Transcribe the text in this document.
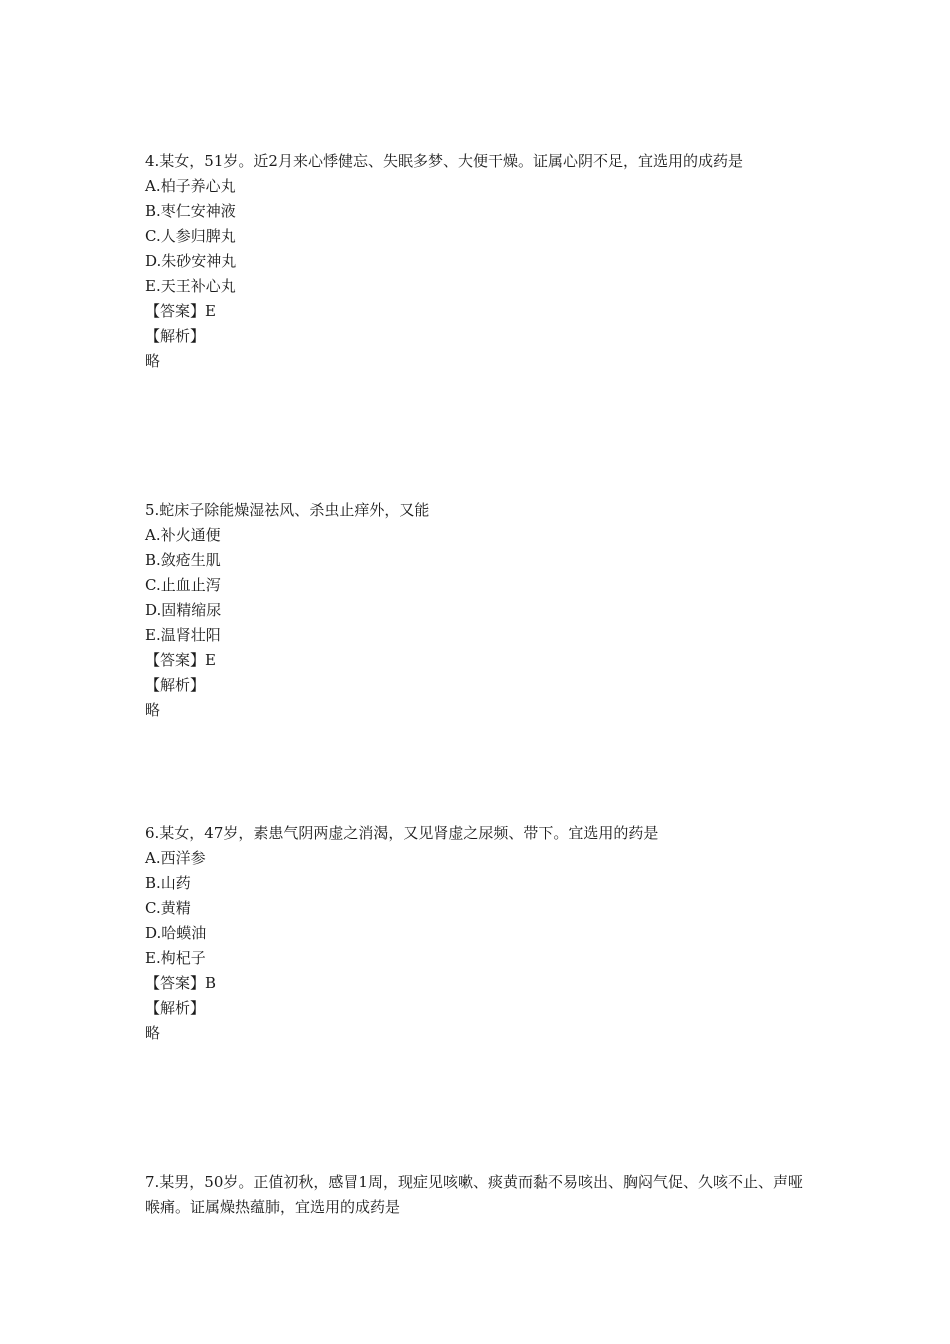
4.某女，51岁。近2月来心悸健忘、失眠多梦、大便干燥。证属心阴不足，宜选用的成药是

A.柏子养心丸

B.枣仁安神液

C.人参归脾丸

D.朱砂安神丸

E.天王补心丸

【答案】E

【解析】

略

5.蛇床子除能燥湿祛风、杀虫止痒外，又能

A.补火通便

B.敛疮生肌

C.止血止泻

D.固精缩尿

E.温肾壮阳

【答案】E

【解析】

略

6.某女，47岁，素患气阴两虚之消渴，又见肾虚之尿频、带下。宜选用的药是

A.西洋参

B.山药

C.黄精

D.哈蟆油

E.枸杞子

【答案】B

【解析】

略

7.某男，50岁。正值初秋，感冒1周，现症见咳嗽、痰黄而黏不易咳出、胸闷气促、久咳不止、声哑喉痛。证属燥热蕴肺，宜选用的成药是
